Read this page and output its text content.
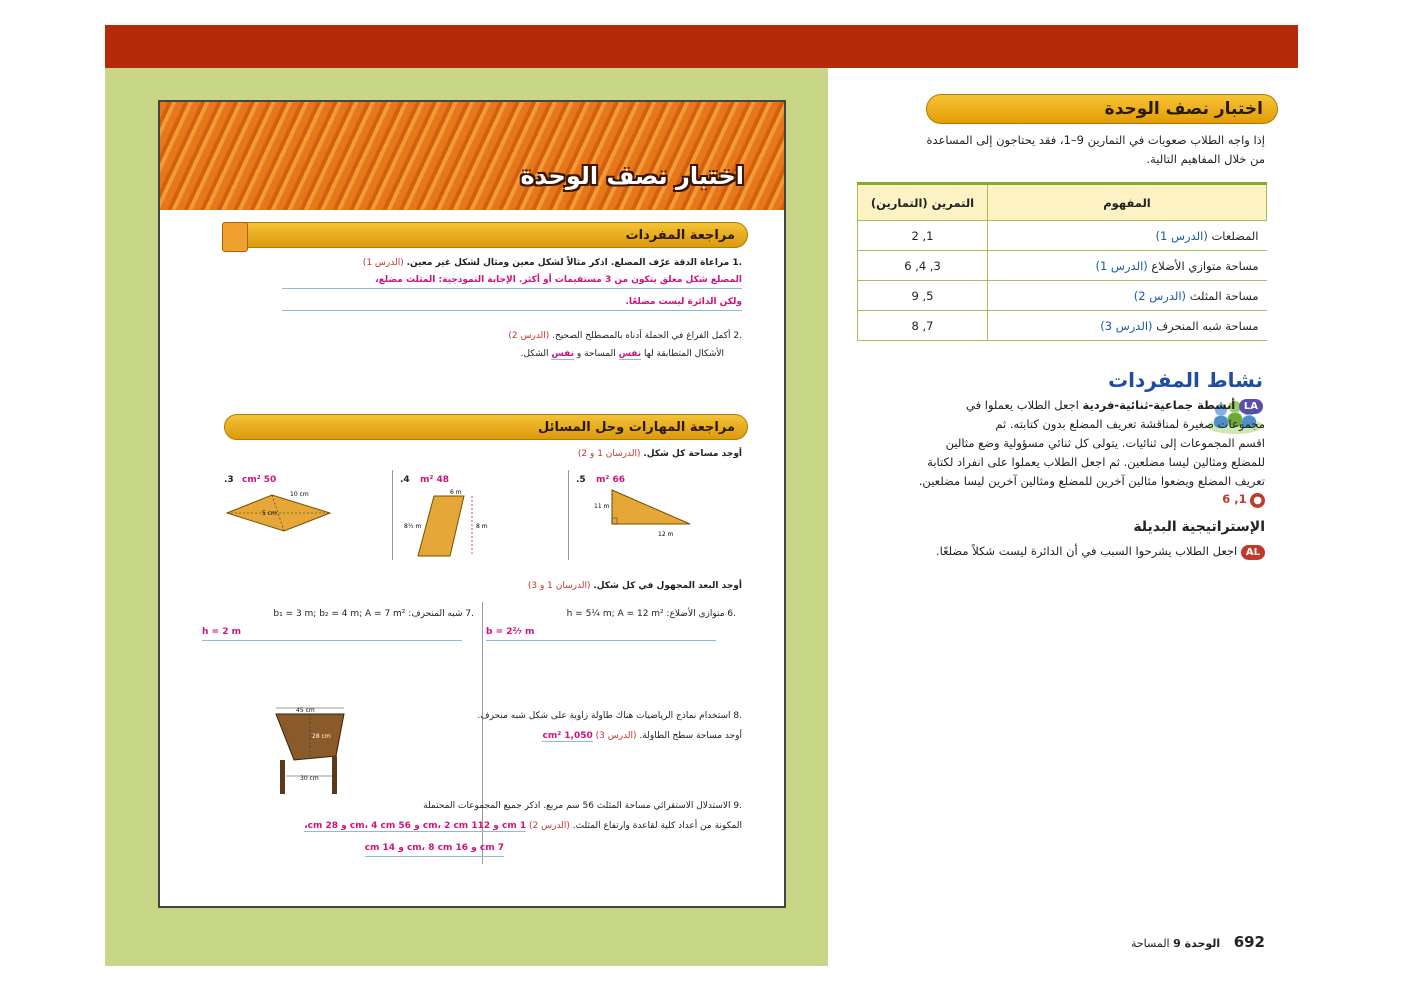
اختبار نصف الوحدة
إذا واجه الطلاب صعوبات في التمارين 9–1، فقد يحتاجون إلى المساعدة
من خلال المفاهيم التالية.
المفهوم	التمرين (التمارين)
المضلعات (الدرس 1)	1, 2
مساحة متوازي الأضلاع (الدرس 1)	3, 4, 6
مساحة المثلث (الدرس 2)	5, 9
مساحة شبه المنحرف (الدرس 3)	7, 8
نشاط المفردات
LA أنشطة جماعية-ثنائية-فردية اجعل الطلاب يعملوا في
مجموعات صغيرة لمناقشة تعريف المضلع بدون كتابته. ثم
اقسم المجموعات إلى ثنائيات. يتولى كل ثنائي مسؤولية وضع مثالين
للمضلع ومثالين ليسا مضلعين. ثم اجعل الطلاب يعملوا على انفراد لكتابة
تعريف المضلع ويضعوا مثالين آخرين للمضلع ومثالين آخرين ليسا مضلعين.
● 1, 6
الإستراتيجية البديلة
AL اجعل الطلاب يشرحوا السبب في أن الدائرة ليست شكلاً مضلعًا.
692 الوحدة 9 المساحة
اختبار نصف الوحدة
مراجعة المفردات
.1 مراعاة الدقة عرّف المضلع. اذكر مثالاً لشكل معين ومثال لشكل غير معين. (الدرس 1)
المضلع شكل مغلق يتكون من 3 مستقيمات أو أكثر. الإجابة النموذجية: المثلث مضلع،
ولكن الدائرة ليست مضلعًا.
.2 أكمل الفراغ في الجملة أدناه بالمصطلح الصحيح. (الدرس 2)
الأشكال المتطابقة لها نفس المساحة و نفس الشكل.
مراجعة المهارات وحل المسائل
أوجد مساحة كل شكل. (الدرسان 1 و 2)
3. 50 cm²
10 cm
5 cm
4. 48 m²
6 m
8½ m	8 m
5. 66 m²
11 m
12 m
أوجد البعد المجهول في كل شكل. (الدرسان 1 و 3)
.6 متوازي الأضلاع: h = 5¼ m; A = 12 m²
b = 2²⁄₇ m
.7 شبه المنحرف: b₁ = 3 m; b₂ = 4 m; A = 7 m²
h = 2 m
45 cm
28 cm
30 cm
.8 استخدام نماذج الرياضيات هناك طاولة زاوية على شكل شبه منحرف.
أوجد مساحة سطح الطاولة. (الدرس 3) 1,050 cm²
.9 الاستدلال الاستقرائي مساحة المثلث 56 سم مربع. اذكر جميع المجموعات المحتملة
المكونة من أعداد كلية لقاعدة وارتفاع المثلث. (الدرس 2) 1 cm و 112 cm، 2 cm و 56 cm، 4 cm و 28 cm،
7 cm و 16 cm، 8 cm و 14 cm
